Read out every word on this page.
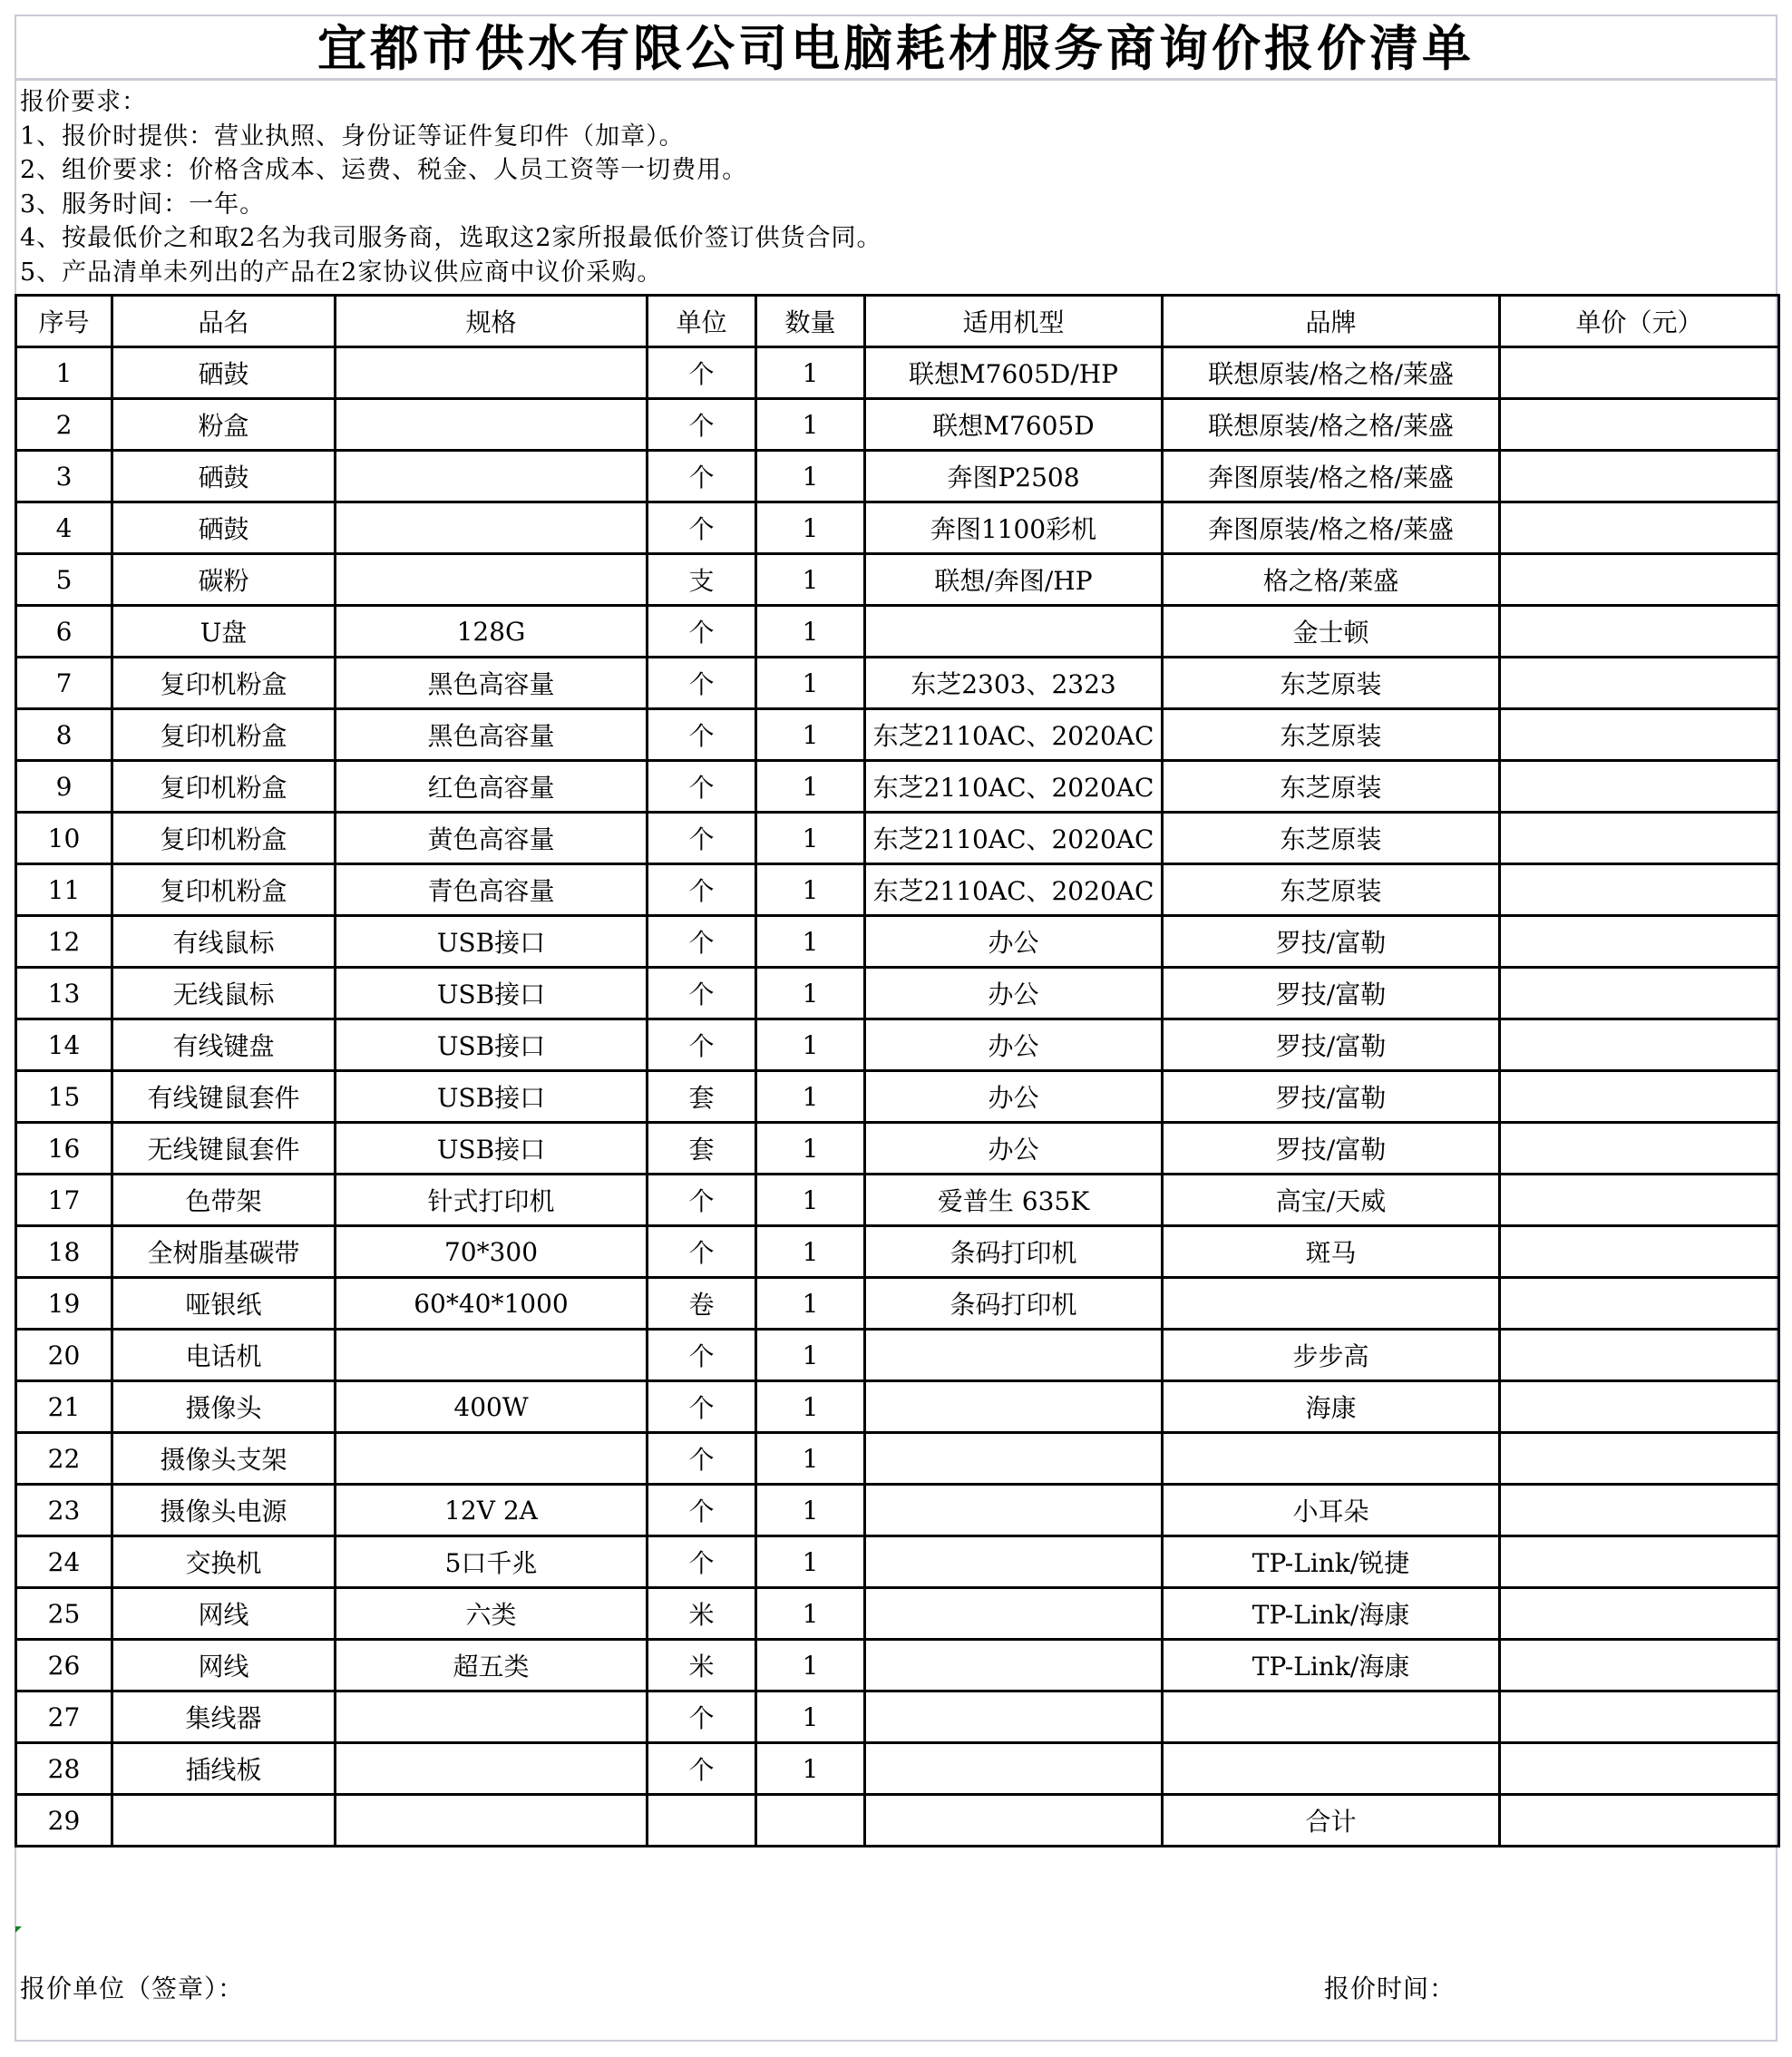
宜都市供水有限公司电脑耗材服务商询价报价清单
报价要求：
1、报价时提供：营业执照、身份证等证件复印件（加章）。
2、组价要求：价格含成本、运费、税金、人员工资等一切费用。
3、服务时间：一年。
4、按最低价之和取2名为我司服务商，选取这2家所报最低价签订供货合同。
5、产品清单未列出的产品在2家协议供应商中议价采购。
序号	品名	规格	单位	数量	适用机型	品牌	单价（元）
1	硒鼓		个	1	联想M7605D/HP	联想原装/格之格/莱盛	
2	粉盒		个	1	联想M7605D	联想原装/格之格/莱盛	
3	硒鼓		个	1	奔图P2508	奔图原装/格之格/莱盛	
4	硒鼓		个	1	奔图1100彩机	奔图原装/格之格/莱盛	
5	碳粉		支	1	联想/奔图/HP	格之格/莱盛	
6	U盘	128G	个	1		金士顿	
7	复印机粉盒	黑色高容量	个	1	东芝2303、2323	东芝原装	
8	复印机粉盒	黑色高容量	个	1	东芝2110AC、2020AC	东芝原装	
9	复印机粉盒	红色高容量	个	1	东芝2110AC、2020AC	东芝原装	
10	复印机粉盒	黄色高容量	个	1	东芝2110AC、2020AC	东芝原装	
11	复印机粉盒	青色高容量	个	1	东芝2110AC、2020AC	东芝原装	
12	有线鼠标	USB接口	个	1	办公	罗技/富勒	
13	无线鼠标	USB接口	个	1	办公	罗技/富勒	
14	有线键盘	USB接口	个	1	办公	罗技/富勒	
15	有线键鼠套件	USB接口	套	1	办公	罗技/富勒	
16	无线键鼠套件	USB接口	套	1	办公	罗技/富勒	
17	色带架	针式打印机	个	1	爱普生 635K	高宝/天威	
18	全树脂基碳带	70*300	个	1	条码打印机	斑马	
19	哑银纸	60*40*1000	卷	1	条码打印机		
20	电话机		个	1		步步高	
21	摄像头	400W	个	1		海康	
22	摄像头支架		个	1			
23	摄像头电源	12V 2A	个	1		小耳朵	
24	交换机	5口千兆	个	1		TP-Link/锐捷	
25	网线	六类	米	1		TP-Link/海康	
26	网线	超五类	米	1		TP-Link/海康	
27	集线器		个	1			
28	插线板		个	1			
29						合计	
报价单位（签章）：	报价时间：
